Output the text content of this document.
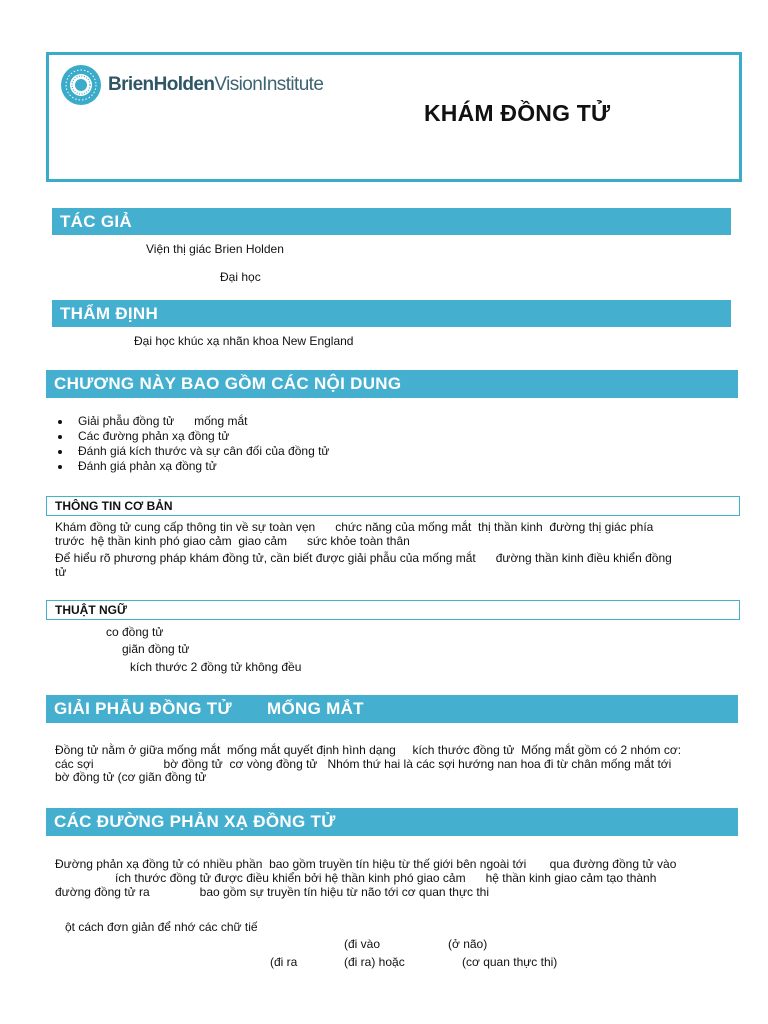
BrienHoldenVisionInstitute
KHÁM ĐỒNG TỬ
TÁC GIẢ
Viện thị giác Brien Holden
Đại học
THẨM ĐỊNH
Đại học khúc xạ nhãn khoa New England
CHƯƠNG NÀY BAO GỒM CÁC NỘI DUNG
Giải phẫu đồng tử      mống mắt
Các đường phản xạ đồng tử
Đánh giá kích thước và sự cân đối của đồng tử
Đánh giá phản xạ đồng tử
THÔNG TIN CƠ BẢN
Khám đồng tử cung cấp thông tin về sự toàn vẹn      chức năng của mống mắt  thị thần kinh  đường thị giác phía
trước  hệ thần kinh phó giao cảm  giao cảm      sức khỏe toàn thân
Để hiểu rõ phương pháp khám đồng tử, cần biết được giải phẫu của mống mắt      đường thần kinh điều khiển đồng
tử
THUẬT NGỮ
co đồng tử
giãn đồng tử
kích thước 2 đồng tử không đều
GIẢI PHẪU ĐỒNG TỬ       MỐNG MẮT
Đồng tử nằm ở giữa mống mắt  mống mắt quyết định hình dạng     kích thước đồng tử  Mống mắt gồm có 2 nhóm cơ:
các sợi                     bờ đồng tử  cơ vòng đồng tử   Nhóm thứ hai là các sợi hướng nan hoa đi từ chân mống mắt tới
bờ đồng tử (cơ giãn đồng tử
CÁC ĐƯỜNG PHẢN XẠ ĐỒNG TỬ
Đường phản xạ đồng tử có nhiều phần  bao gồm truyền tín hiệu từ thế giới bên ngoài tới       qua đường đồng tử vào
ích thước đồng tử được điều khiển bởi hệ thần kinh phó giao cảm      hệ thần kinh giao cảm tạo thành
đường đồng tử ra               bao gồm sự truyền tín hiệu từ não tới cơ quan thực thi
ột cách đơn giản để nhớ các chữ tiế
(đi vào	(ở não)
(đi ra	(đi ra) hoặc	(cơ quan thực thi)
